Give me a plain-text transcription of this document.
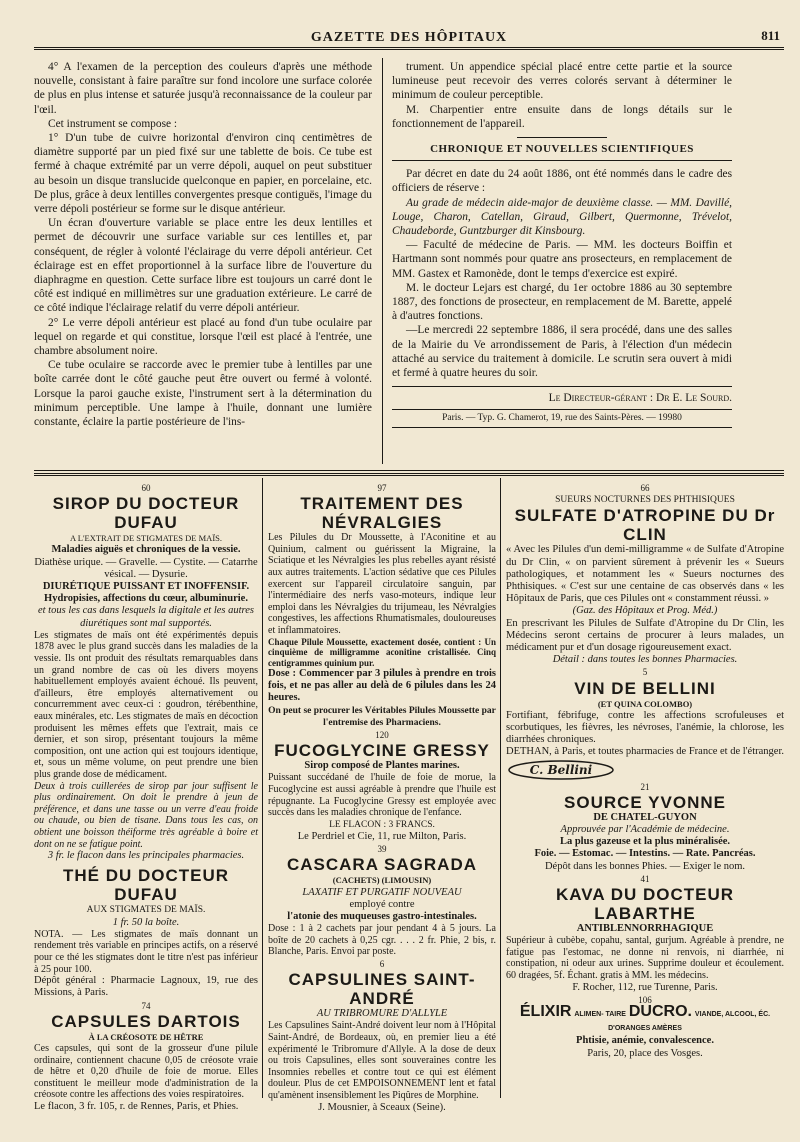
GAZETTE DES HÔPITAUX	811

4° A l'examen de la perception des couleurs d'après une méthode nouvelle, consistant à faire paraître sur fond incolore une surface colorée de plus en plus intense et saturée jusqu'à reconnaissance de la couleur par l'œil.

Cet instrument se compose :

1° D'un tube de cuivre horizontal d'environ cinq centimètres de diamètre supporté par un pied fixé sur une tablette de bois. Ce tube est fermé à chaque extrémité par un verre dépoli, auquel on peut substituer au besoin un disque translucide quelconque en papier, en porcelaine, etc. De plus, grâce à deux lentilles convergentes presque contiguës, l'image du verre dépoli postérieur se forme sur le disque antérieur.

Un écran d'ouverture variable se place entre les deux lentilles et permet de découvrir une surface variable sur ces lentilles et, par conséquent, de régler à volonté l'éclairage du verre dépoli antérieur. Cet éclairage est en effet proportionnel à la surface libre de l'ouverture du diaphragme en question. Cette surface libre est toujours un carré dont le côté est indiqué en millimètres sur une graduation extérieure. Le carré de ce côté indique l'éclairage relatif du verre dépoli antérieur.

2° Le verre dépoli antérieur est placé au fond d'un tube oculaire par lequel on regarde et qui constitue, lorsque l'œil est placé à l'entrée, une chambre absolument noire.

Ce tube oculaire se raccorde avec le premier tube à lentilles par une boîte carrée dont le côté gauche peut être ouvert ou fermé à volonté. Lorsque la paroi gauche existe, l'instrument sert à la détermination du minimum perceptible. Une lampe à l'huile, donnant une lumière constante, éclaire la partie postérieure de l'ins-

trument. Un appendice spécial placé entre cette partie et la source lumineuse peut recevoir des verres colorés servant à déterminer le minimum de couleur perceptible.

M. Charpentier entre ensuite dans de longs détails sur le fonctionnement de l'appareil.

CHRONIQUE ET NOUVELLES SCIENTIFIQUES

Par décret en date du 24 août 1886, ont été nommés dans le cadre des officiers de réserve :

Au grade de médecin aide-major de deuxième classe. — MM. Davillé, Louge, Charon, Catellan, Giraud, Gilbert, Quermonne, Trévelot, Chaudeborde, Guntzburger dit Kinsbourg.

— Faculté de médecine de Paris. — MM. les docteurs Boiffin et Hartmann sont nommés pour quatre ans prosecteurs, en remplacement de MM. Gastex et Ramonède, dont le temps d'exercice est expiré.

M. le docteur Lejars est chargé, du 1er octobre 1886 au 30 septembre 1887, des fonctions de prosecteur, en remplacement de M. Barette, appelé à d'autres fonctions.

—Le mercredi 22 septembre 1886, il sera procédé, dans une des salles de la Mairie du Ve arrondissement de Paris, à l'élection d'un médecin attaché au service du traitement à domicile. Le scrutin sera ouvert à midi et fermé à quatre heures du soir.

Le Directeur-gérant : Dr E. Le Sourd.
Paris. — Typ. G. Chamerot, 19, rue des Saints-Pères. — 19980
60
SIROP DU DOCTEUR DUFAU
A L'EXTRAIT DE STIGMATES DE MAÏS.
Maladies aiguës et chroniques de la vessie.
Diathèse urique. — Gravelle. — Cystite. — Catarrhe vésical. — Dysurie.
DIURÉTIQUE PUISSANT ET INOFFENSIF.
Hydropisies, affections du cœur, albuminurie.
et tous les cas dans lesquels la digitale et les autres diurétiques sont mal supportés.

Les stigmates de maïs ont été expérimentés depuis 1878 avec le plus grand succès dans les maladies de la vessie. Ils ont produit des résultats remarquables dans un grand nombre de cas où les divers moyens habituellement employés avaient échoué. Ils peuvent, d'ailleurs, être employés alternativement ou concurremment avec ceux-ci : goudron, térébenthine, eaux minérales, etc. Les stigmates de maïs en décoction produisent les mêmes effets que l'extrait, mais ce dernier, et son sirop, présentant toujours la même composition, ont une action qui est toujours identique, et, sous un même volume, on peut prendre une bien plus grande dose de médicament.

Deux à trois cuillerées de sirop par jour suffisent le plus ordinairement. On doit le prendre à jeun de préférence, et dans une tasse ou un verre d'eau froide ou chaude, ou bien de tisane. Dans tous les cas, on obtient une boisson théiforme très agréable à boire et dont on ne se fatigue point.

3 fr. le flacon dans les principales pharmacies.
THÉ DU DOCTEUR DUFAU
AUX STIGMATES DE MAÏS.
1 fr. 50 la boîte.

NOTA. — Les stigmates de maïs donnant un rendement très variable en principes actifs, on a réservé pour ce thé les stigmates dont le titre n'est pas inférieur à 25 pour 100.

Dépôt général : Pharmacie Lagnoux, 19, rue des Missions, à Paris.

74
CAPSULES DARTOIS
À LA CRÉOSOTE DE HÊTRE

Ces capsules, qui sont de la grosseur d'une pilule ordinaire, contiennent chacune 0,05 de créosote vraie de hêtre et 0,20 d'huile de foie de morue. Elles constituent le meilleur mode d'administration de la créosote contre les affections des voies respiratoires.

Le flacon, 3 fr. 105, r. de Rennes, Paris, et Phies.
97
TRAITEMENT DES NÉVRALGIES

Les Pilules du Dr Moussette, à l'Aconitine et au Quinium, calment ou guérissent la Migraine, la Sciatique et les Névralgies les plus rebelles ayant résisté aux autres traitements. L'action sédative que ces Pilules exercent sur l'appareil circulatoire sanguin, par l'intermédiaire des nerfs vaso-moteurs, indique leur emploi dans les Névralgies du trijumeau, les Névralgies congestives, les affections Rhumatismales, douloureuses et inflammatoires.

Chaque Pilule Moussette, exactement dosée, contient : Un cinquième de milligramme aconitine cristallisée. Cinq centigrammes quinium pur.

Dose : Commencer par 3 pilules à prendre en trois fois, et ne pas aller au delà de 6 pilules dans les 24 heures.

On peut se procurer les Véritables Pilules Moussette par l'entremise des Pharmaciens.
120
FUCOGLYCINE GRESSY
Sirop composé de Plantes marines.

Puissant succédané de l'huile de foie de morue, la Fucoglycine est aussi agréable à prendre que l'huile est répugnante. La Fucoglycine Gressy est employée avec succès dans les maladies chronique de l'enfance.

LE FLACON : 3 FRANCS.
Le Perdriel et Cie, 11, rue Milton, Paris.
39
CASCARA SAGRADA
(CACHETS) (LIMOUSIN)
LAXATIF ET PURGATIF NOUVEAU
employé contre
l'atonie des muqueuses gastro-intestinales.

Dose : 1 à 2 cachets par jour pendant 4 à 5 jours. La boîte de 20 cachets à 0,25 cgr. . . . 2 fr. Phie, 2 bis, r. Blanche, Paris. Envoi par poste.

6
CAPSULINES SAINT-ANDRÉ
AU TRIBROMURE D'ALLYLE

Les Capsulines Saint-André doivent leur nom à l'Hôpital Saint-André, de Bordeaux, où, en premier lieu a été expérimenté le Tribromure d'Allyle. A la dose de deux ou trois Capsulines, elles sont souveraines contre les Insomnies rebelles et contre tout ce qui est élément douleur. Plus de cet EMPOISONNEMENT lent et fatal qu'amènent insensiblement les Piqûres de Morphine.

J. Mousnier, à Sceaux (Seine).
66
SUEURS NOCTURNES DES PHTHISIQUES
SULFATE D'ATROPINE DU Dr CLIN

« Avec les Pilules d'un demi-milligramme « de Sulfate d'Atropine du Dr Clin, « on parvient sûrement à prévenir les « Sueurs pathologiques, et notamment les « Sueurs nocturnes des Phthisiques. « C'est sur une centaine de cas observés dans « les Hôpitaux de Paris, que ces Pilules ont « constamment réussi. »

(Gaz. des Hôpitaux et Prog. Méd.)

En prescrivant les Pilules de Sulfate d'Atropine du Dr Clin, les Médecins seront certains de procurer à leurs malades, un médicament pur et d'un dosage rigoureusement exact.

Détail : dans toutes les bonnes Pharmacies.
5
VIN DE BELLINI
(ET QUINA COLOMBO)

Fortifiant, fébrifuge, contre les affections scrofuleuses et scorbutiques, les fièvres, les névroses, l'anémie, la chlorose, les diarrhées chroniques.

DETHAN, à Paris, et toutes pharmacies de France et de l'étranger.
C. Bellini
21
SOURCE YVONNE
DE CHATEL-GUYON
Approuvée par l'Académie de médecine.
La plus gazeuse et la plus minéralisée.
Foie. — Estomac. — Intestins. — Rate. Pancréas.
Dépôt dans les bonnes Phies. — Exiger le nom.
41
KAVA DU DOCTEUR LABARTHE
ANTIBLENNORRHAGIQUE

Supérieur à cubèbe, copahu, santal, gurjum. Agréable à prendre, ne fatigue pas l'estomac, ne donne ni renvois, ni diarrhée, ni constipation, ni odeur aux urines. Supprime douleur et écoulement. 60 dragées, 5f. Échant. gratis à MM. les médecins.

F. Rocher, 112, rue Turenne, Paris.
106
ÉLIXIR ALIMEN- TAIRE DUCRO. VIANDE, ALCOOL, ÉC. D'ORANGES AMÈRES
Phtisie, anémie, convalescence.
Paris, 20, place des Vosges.
